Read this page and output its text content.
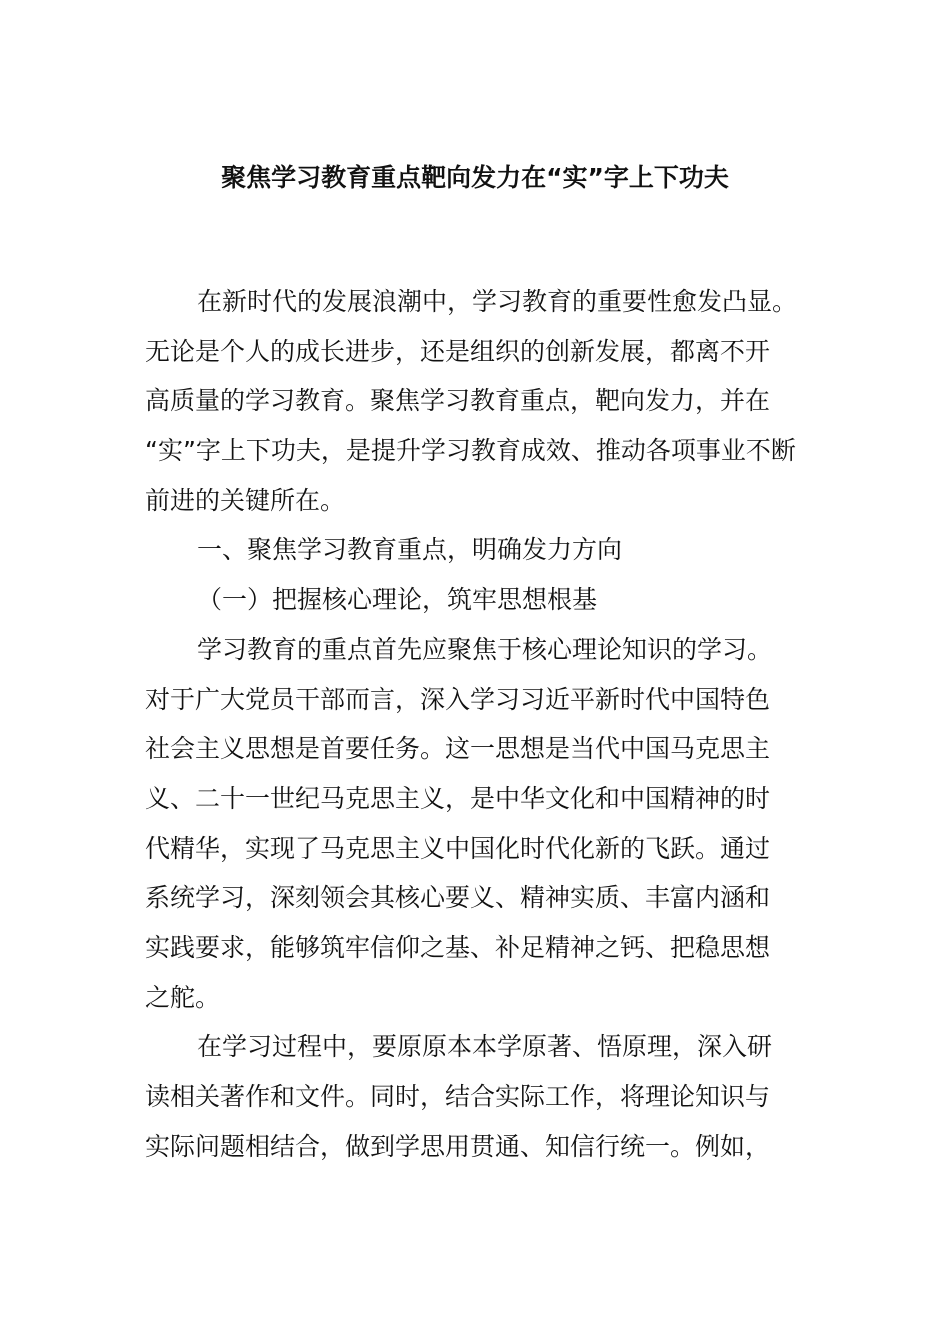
聚焦学习教育重点靶向发力在“实”字上下功夫
在新时代的发展浪潮中，学习教育的重要性愈发凸显。
无论是个人的成长进步，还是组织的创新发展，都离不开
高质量的学习教育。聚焦学习教育重点，靶向发力，并在
“实”字上下功夫，是提升学习教育成效、推动各项事业不断
前进的关键所在。
一、聚焦学习教育重点，明确发力方向
（一）把握核心理论，筑牢思想根基
学习教育的重点首先应聚焦于核心理论知识的学习。
对于广大党员干部而言，深入学习习近平新时代中国特色
社会主义思想是首要任务。这一思想是当代中国马克思主
义、二十一世纪马克思主义，是中华文化和中国精神的时
代精华，实现了马克思主义中国化时代化新的飞跃。通过
系统学习，深刻领会其核心要义、精神实质、丰富内涵和
实践要求，能够筑牢信仰之基、补足精神之钙、把稳思想
之舵。
在学习过程中，要原原本本学原著、悟原理，深入研
读相关著作和文件。同时，结合实际工作，将理论知识与
实际问题相结合，做到学思用贯通、知信行统一。例如，
